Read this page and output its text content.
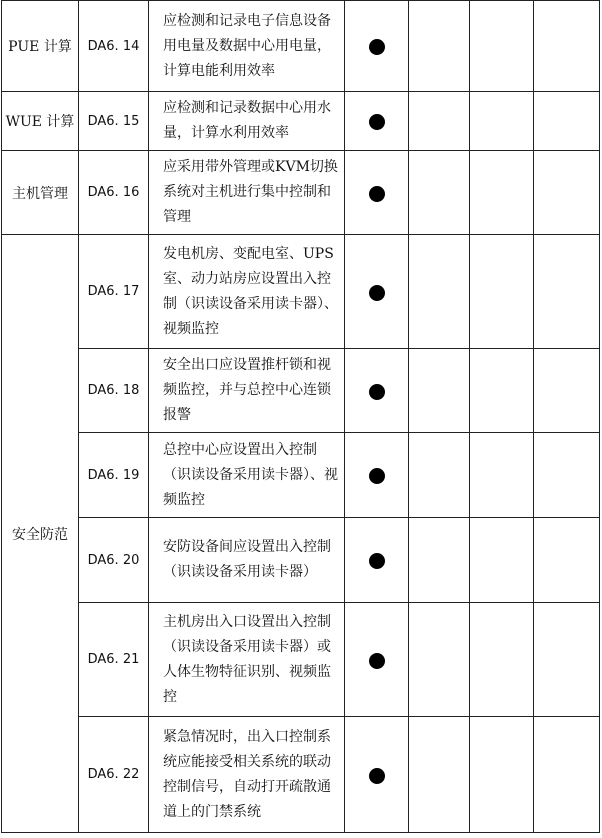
PUE 计算	DA6. 14	应检测和记录电子信息设备用电量及数据中心用电量，计算电能利用效率					
WUE 计算	DA6. 15	应检测和记录数据中心用水量，计算水利用效率					
主机管理	DA6. 16	应采用带外管理或KVM切换系统对主机进行集中控制和管理					
安全防范	DA6. 17	发电机房、变配电室、UPS室、动力站房应设置出入控制（识读设备采用读卡器）、视频监控					
	DA6. 18	安全出口应设置推杆锁和视频监控，并与总控中心连锁报警					
	DA6. 19	总控中心应设置出入控制（识读设备采用读卡器）、视频监控					
	DA6. 20	安防设备间应设置出入控制（识读设备采用读卡器）					
	DA6. 21	主机房出入口设置出入控制（识读设备采用读卡器）或人体生物特征识别、视频监控					
	DA6. 22	紧急情况时，出入口控制系统应能接受相关系统的联动控制信号，自动打开疏散通道上的门禁系统					
